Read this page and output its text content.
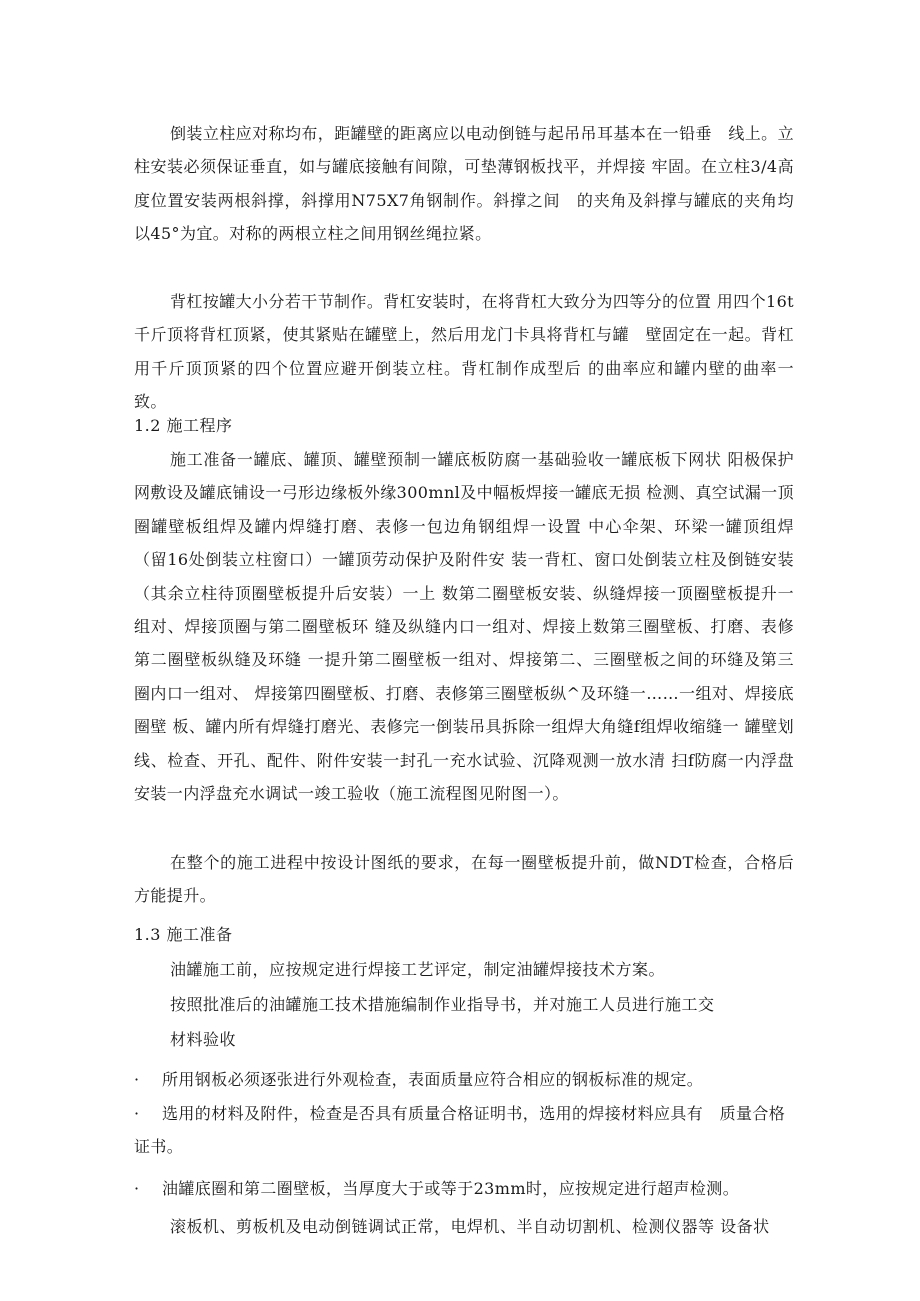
倒装立柱应对称均布，距罐壁的距离应以电动倒链与起吊吊耳基本在一铅垂　线上。立柱安装必须保证垂直，如与罐底接触有间隙，可垫薄钢板找平，并焊接 牢固。在立柱3/4高度位置安装两根斜撑，斜撑用N75X7角钢制作。斜撑之间　的夹角及斜撑与罐底的夹角均以45°为宜。对称的两根立柱之间用钢丝绳拉紧。

背杠按罐大小分若干节制作。背杠安装时，在将背杠大致分为四等分的位置 用四个16t千斤顶将背杠顶紧，使其紧贴在罐壁上，然后用龙门卡具将背杠与罐　壁固定在一起。背杠用千斤顶顶紧的四个位置应避开倒装立柱。背杠制作成型后 的曲率应和罐内壁的曲率一致。

1.2 施工程序

施工准备一罐底、罐顶、罐壁预制一罐底板防腐一基础验收一罐底板下网状 阳极保护网敷设及罐底铺设一弓形边缘板外缘300mnl及中幅板焊接一罐底无损 检测、真空试漏一顶圈罐壁板组焊及罐内焊缝打磨、表修一包边角钢组焊一设置 中心伞架、环梁一罐顶组焊（留16处倒装立柱窗口）一罐顶劳动保护及附件安 装一背杠、窗口处倒装立柱及倒链安装（其余立柱待顶圈壁板提升后安装）一上 数第二圈壁板安装、纵缝焊接一顶圈壁板提升一组对、焊接顶圈与第二圈壁板环 缝及纵缝内口一组对、焊接上数第三圈壁板、打磨、表修第二圈壁板纵缝及环缝 一提升第二圈壁板一组对、焊接第二、三圈壁板之间的环缝及第三圈内口一组对、 焊接第四圈壁板、打磨、表修第三圈壁板纵^及环缝一……一组对、焊接底圈壁 板、罐内所有焊缝打磨光、表修完一倒装吊具拆除一组焊大角缝f组焊收缩缝一 罐壁划线、检查、开孔、配件、附件安装一封孔一充水试验、沉降观测一放水清 扫f防腐一内浮盘安装一内浮盘充水调试一竣工验收（施工流程图见附图一）。

在整个的施工进程中按设计图纸的要求，在每一圈壁板提升前，做NDT检查，合格后方能提升。

1.3 施工准备

油罐施工前，应按规定进行焊接工艺评定，制定油罐焊接技术方案。

按照批准后的油罐施工技术措施编制作业指导书，并对施工人员进行施工交

材料验收

· 所用钢板必须逐张进行外观检查，表面质量应符合相应的钢板标准的规定。
· 选用的材料及附件，检查是否具有质量合格证明书，选用的焊接材料应具有　质量合格证书。
· 油罐底圈和第二圈壁板，当厚度大于或等于23mm时，应按规定进行超声检测。

滚板机、剪板机及电动倒链调试正常，电焊机、半自动切割机、检测仪器等 设备状
